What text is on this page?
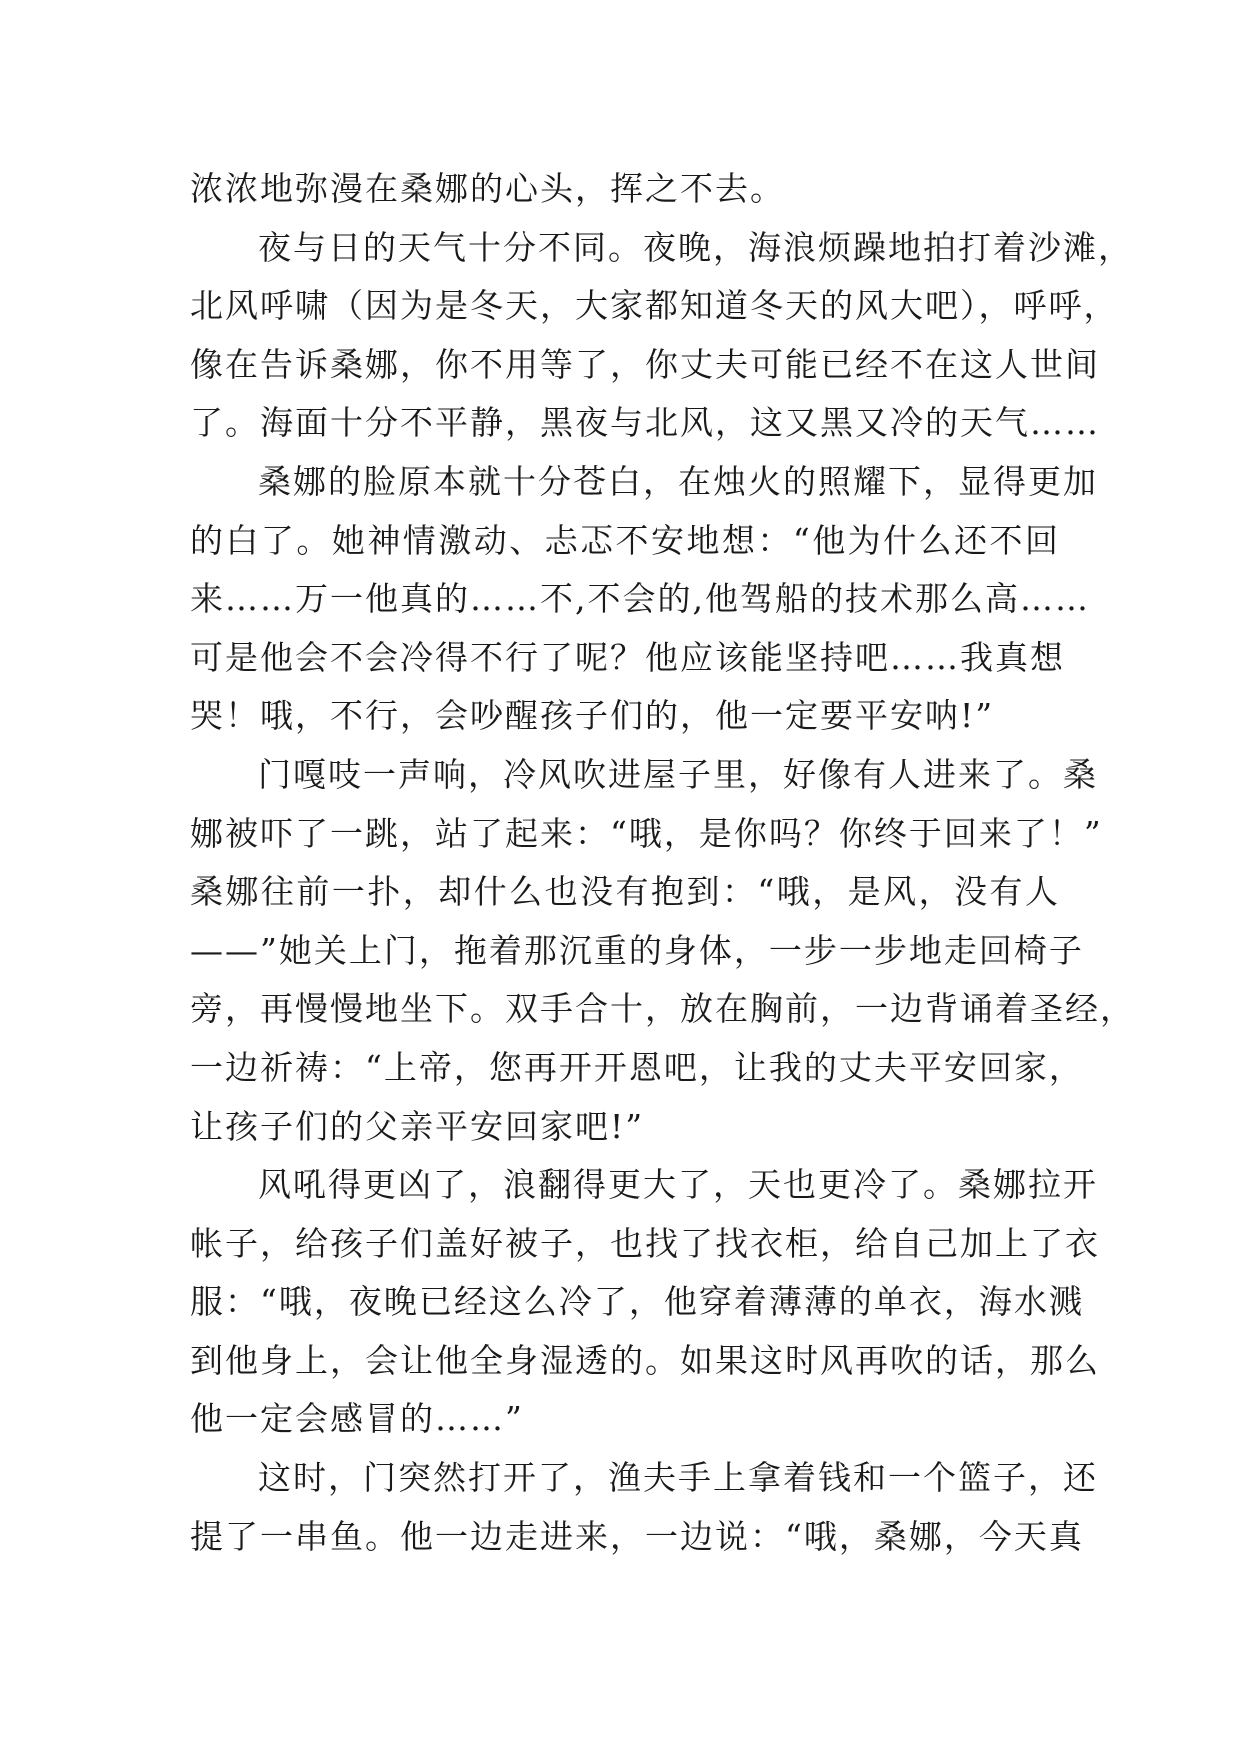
浓浓地弥漫在桑娜的心头，挥之不去。
夜与日的天气十分不同。夜晚，海浪烦躁地拍打着沙滩，
北风呼啸（因为是冬天，大家都知道冬天的风大吧），呼呼，
像在告诉桑娜，你不用等了，你丈夫可能已经不在这人世间
了。海面十分不平静，黑夜与北风，这又黑又冷的天气……
桑娜的脸原本就十分苍白，在烛火的照耀下，显得更加
的白了。她神情激动、忐忑不安地想：“他为什么还不回
来……万一他真的……不,不会的,他驾船的技术那么高……
可是他会不会冷得不行了呢？他应该能坚持吧……我真想
哭！哦，不行，会吵醒孩子们的，他一定要平安呐!”
门嘎吱一声响，冷风吹进屋子里，好像有人进来了。桑
娜被吓了一跳，站了起来：“哦，是你吗？你终于回来了！”
桑娜往前一扑，却什么也没有抱到：“哦，是风，没有人
——”她关上门，拖着那沉重的身体，一步一步地走回椅子
旁，再慢慢地坐下。双手合十，放在胸前，一边背诵着圣经，
一边祈祷：“上帝，您再开开恩吧，让我的丈夫平安回家，
让孩子们的父亲平安回家吧!”
风吼得更凶了，浪翻得更大了，天也更冷了。桑娜拉开
帐子，给孩子们盖好被子，也找了找衣柜，给自己加上了衣
服：“哦，夜晚已经这么冷了，他穿着薄薄的单衣，海水溅
到他身上，会让他全身湿透的。如果这时风再吹的话，那么
他一定会感冒的……”
这时，门突然打开了，渔夫手上拿着钱和一个篮子，还
提了一串鱼。他一边走进来，一边说：“哦，桑娜，今天真
